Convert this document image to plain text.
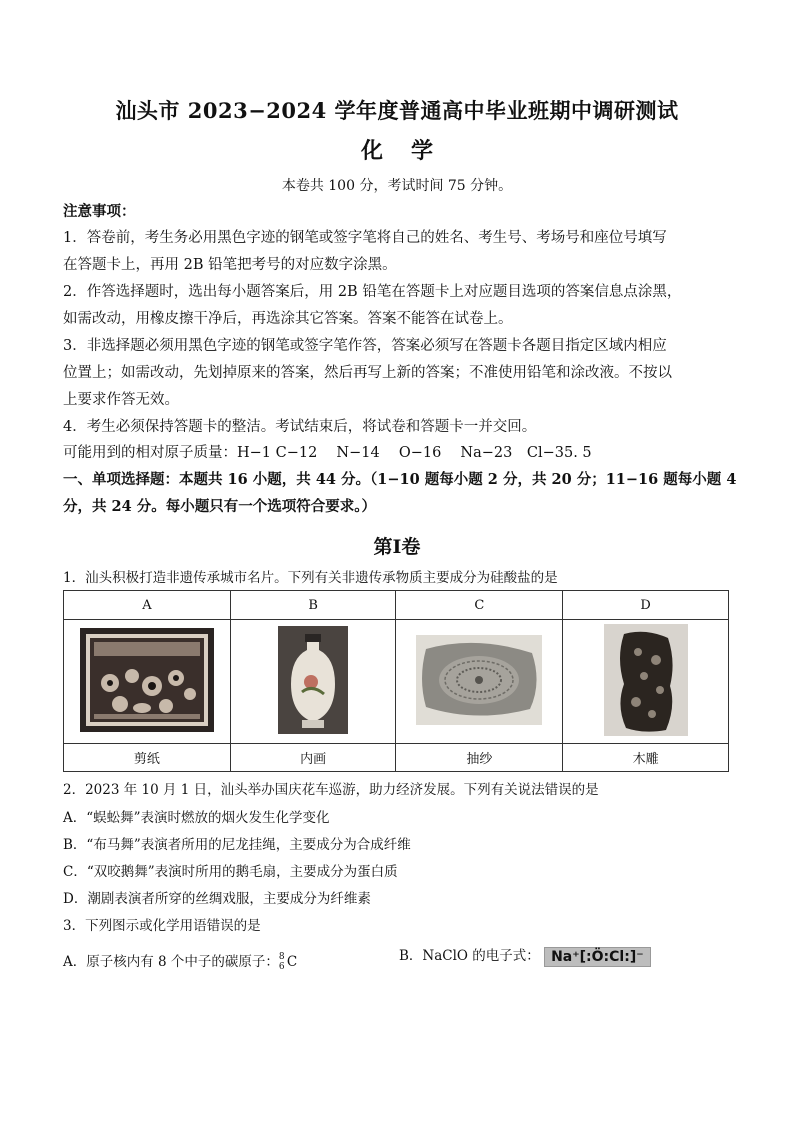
汕头市 2023−2024 学年度普通高中毕业班期中调研测试
化学
本卷共 100 分，考试时间 75 分钟。
注意事项：
1．答卷前，考生务必用黑色字迹的钢笔或签字笔将自己的姓名、考生号、考场号和座位号填写
在答题卡上，再用 2B 铅笔把考号的对应数字涂黑。
2．作答选择题时，选出每小题答案后，用 2B 铅笔在答题卡上对应题目选项的答案信息点涂黑，
如需改动，用橡皮擦干净后，再选涂其它答案。答案不能答在试卷上。
3．非选择题必须用黑色字迹的钢笔或签字笔作答，答案必须写在答题卡各题目指定区域内相应
位置上；如需改动，先划掉原来的答案，然后再写上新的答案；不准使用铅笔和涂改液。不按以
上要求作答无效。
4．考生必须保持答题卡的整洁。考试结束后，将试卷和答题卡一并交回。
可能用到的相对原子质量：H−1 C−12　 N−14　 O−16　 Na−23　Cl−35. 5
一、单项选择题：本题共 16 小题，共 44 分。（1−10 题每小题 2 分，共 20 分；11−16 题每小题 4
分，共 24 分。每小题只有一个选项符合要求。）
第Ⅰ卷
1．汕头积极打造非遗传承城市名片。下列有关非遗传承物质主要成分为硅酸盐的是
A	B	C	D

剪纸	内画	抽纱	木雕
2．2023 年 10 月 1 日，汕头举办国庆花车巡游，助力经济发展。下列有关说法错误的是
A．“蜈蚣舞”表演时燃放的烟火发生化学变化
B．“布马舞”表演者所用的尼龙挂绳，主要成分为合成纤维
C．“双咬鹅舞”表演时所用的鹅毛扇，主要成分为蛋白质
D．潮剧表演者所穿的丝绸戏服，主要成分为纤维素
3．下列图示或化学用语错误的是
A．原子核内有 8 个中子的碳原子： 8
6 C	B．NaClO 的电子式： Na⁺[:Ö:Cl:]⁻
